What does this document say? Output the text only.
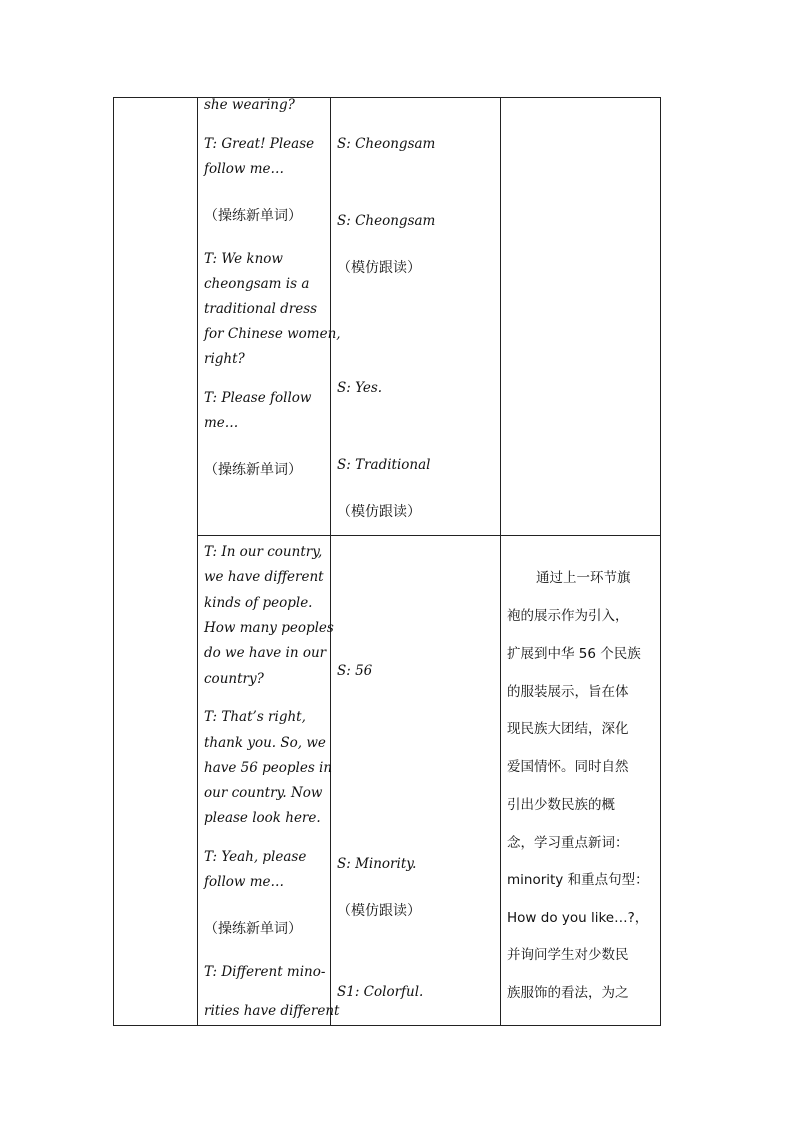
she wearing?
T: Great! Please
follow me…
（操练新单词）
T: We know
cheongsam is a
traditional dress
for Chinese women,
right?
T: Please follow
me…
（操练新单词）
S: Cheongsam
S: Cheongsam
（模仿跟读）
S: Yes.
S: Traditional
（模仿跟读）
T: In our country,
we have different
kinds of people.
How many peoples
do we have in our
country?
T: That’s right,
thank you. So, we
have 56 peoples in
our country. Now
please look here.
T: Yeah, please
follow me…
（操练新单词）
T: Different mino-
rities have different
S: 56
S: Minority.
（模仿跟读）
S1: Colorful.
通过上一环节旗
袍的展示作为引入，
扩展到中华 56 个民族
的服装展示，旨在体
现民族大团结，深化
爱国情怀。同时自然
引出少数民族的概
念，学习重点新词：
minority 和重点句型：
How do you like…?，
并询问学生对少数民
族服饰的看法，为之
